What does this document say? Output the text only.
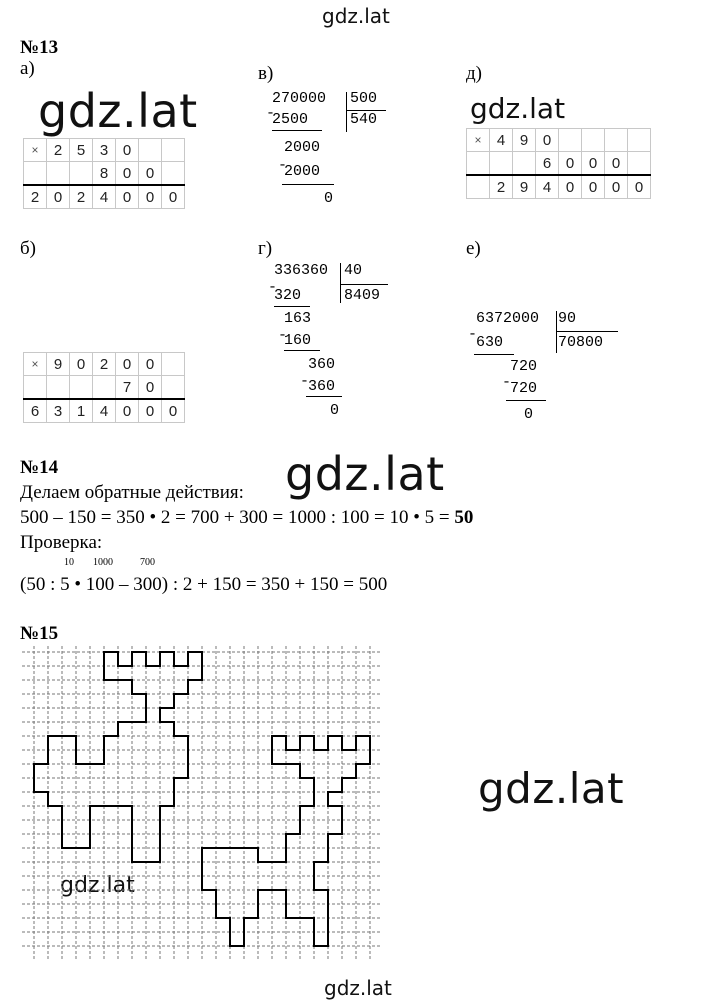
gdz.lat
gdz.lat	gdz.lat
gdz.lat
gdz.lat
gdz.lat
gdz.lat
№13
а)
×	2	5	3	0		
			8	0	0	
2	0	2	4	0	0	0
б)
×	9	0	2	0	0	
				7	0	
6	3	1	4	0	0	0
в)
270000 500
540
-
2500
2000
-
2000
0
г)
336360 40
8409
-
320
163
-
160
360
-
360
0
д)
×	4	9	0				
			6	0	0	0	
	2	9	4	0	0	0	0
е)
6372000 90
70800
-
630
720
-
720
0
№14
Делаем обратные действия:
500 – 150 = 350 • 2 = 700 + 300 = 1000 : 100 = 10 • 5 = 50
Проверка:
10 1000	700
(50 : 5 • 100 – 300) : 2 + 150 = 350 + 150 = 500
№15
